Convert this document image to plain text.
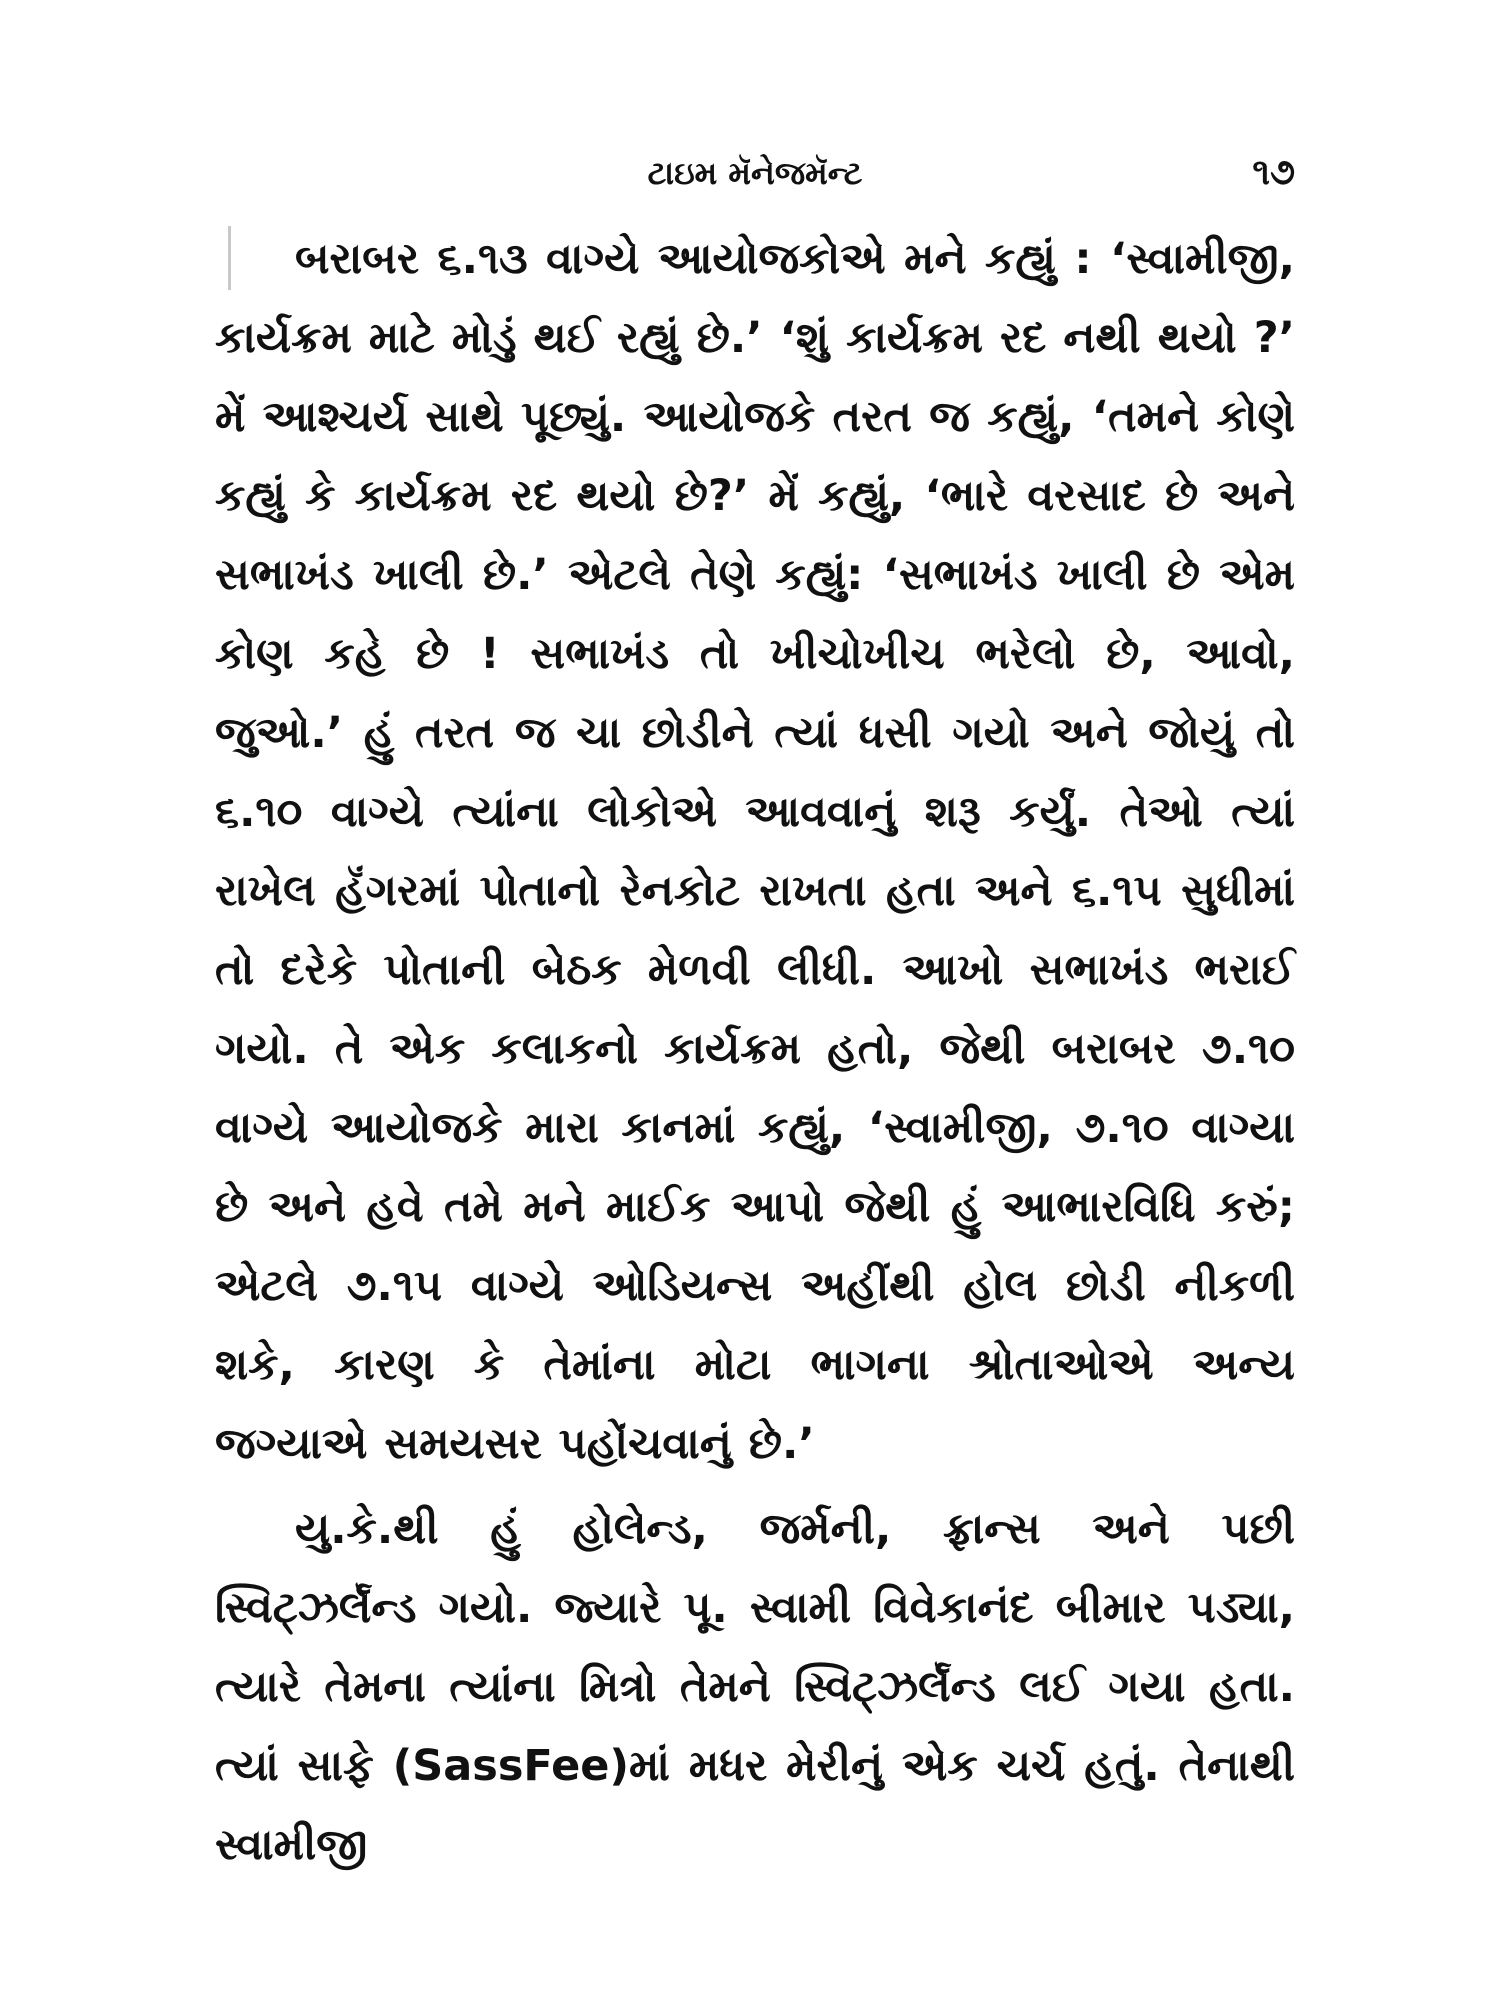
ટાઇમ મૅનેજમૅન્ટ	૧૭

બરાબર ૬.૧૩ વાગ્યે આયોજકોએ મને કહ્યું : ‘સ્વામીજી, કાર્યક્રમ માટે મોડું થઈ રહ્યું છે.’ ‘શું કાર્યક્રમ રદ નથી થયો ?’ મેં આશ્ચર્ય સાથે પૂછ્યું. આયોજકે તરત જ કહ્યું, ‘તમને કોણે કહ્યું કે કાર્યક્રમ રદ થયો છે?’ મેં કહ્યું, ‘ભારે વરસાદ છે અને સભાખંડ ખાલી છે.’ એટલે તેણે કહ્યું: ‘સભાખંડ ખાલી છે એમ કોણ કહે છે ! સભાખંડ તો ખીચોખીચ ભરેલો છે, આવો, જુઓ.’ હું તરત જ ચા છોડીને ત્યાં ધસી ગયો અને જોયું તો ૬.૧૦ વાગ્યે ત્યાંના લોકોએ આવવાનું શરૂ કર્યું. તેઓ ત્યાં રાખેલ હૅંગરમાં પોતાનો રેનકોટ રાખતા હતા અને ૬.૧૫ સુધીમાં તો દરેકે પોતાની બેઠક મેળવી લીધી. આખો સભાખંડ ભરાઈ ગયો. તે એક કલાકનો કાર્યક્રમ હતો, જેથી બરાબર ૭.૧૦ વાગ્યે આયોજકે મારા કાનમાં કહ્યું, ‘સ્વામીજી, ૭.૧૦ વાગ્યા છે અને હવે તમે મને માઈક આપો જેથી હું આભારવિધિ કરું; એટલે ૭.૧૫ વાગ્યે ઓડિયન્સ અહીંથી હોલ છોડી નીકળી શકે, કારણ કે તેમાંના મોટા ભાગના શ્રોતાઓએ અન્ય જગ્યાએ સમયસર પહોંચવાનું છે.’

યુ.કે.થી હું હોલેન્ડ, જર્મની, ફ્રાન્સ અને પછી સ્વિટ્ઝર્લૅન્ડ ગયો. જ્યારે પૂ. સ્વામી વિવેકાનંદ બીમાર પડ્યા, ત્યારે તેમના ત્યાંના મિત્રો તેમને સ્વિટ્ઝર્લૅન્ડ લઈ ગયા હતા. ત્યાં સાફે (SassFee)માં મધર મેરીનું એક ચર્ચ હતું. તેનાથી સ્વામીજી
